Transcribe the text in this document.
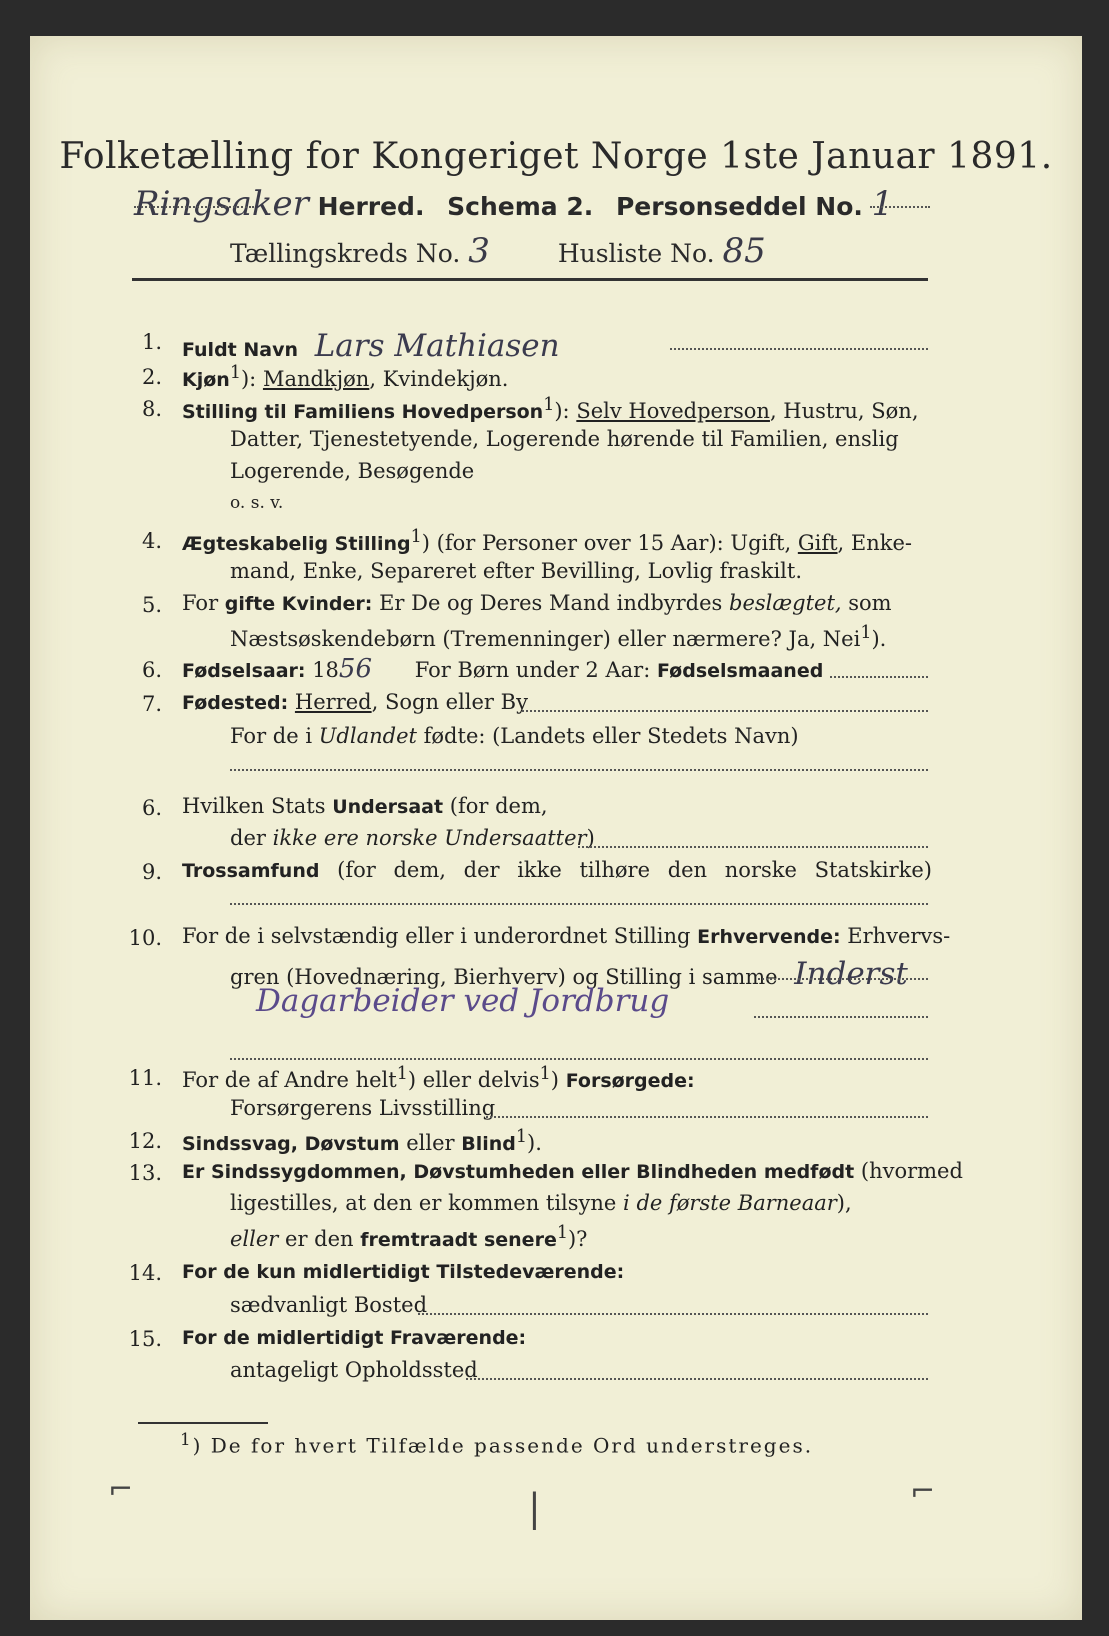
Folketælling for Kongeriget Norge 1ste Januar 1891.
Ringsaker Herred. Schema 2. Personseddel No. 1
Tællingskreds No. 3	Husliste No. 85
1. Fuldt Navn Lars Mathiasen
2. Kjøn$^1$): Mandkjøn, Kvindekjøn.
8. Stilling til Familiens Hovedperson$^1$): Selv Hovedperson, Hustru, Søn,
Datter, Tjenestetyende, Logerende hørende til Familien, enslig
Logerende, Besøgende
o. s. v.
4. Ægteskabelig Stilling$^1$) (for Personer over 15 Aar): Ugift, Gift, Enke-
mand, Enke, Separeret efter Bevilling, Lovlig fraskilt.
5. For gifte Kvinder: Er De og Deres Mand indbyrdes beslægtet, som
Næstsøskendebørn (Tremenninger) eller nærmere? Ja, Nei$^1$).
6. Fødselsaar: 1856 For Børn under 2 Aar: Fødselsmaaned
7. Fødested: Herred, Sogn eller By
For de i Udlandet fødte: (Landets eller Stedets Navn)
6. Hvilken Stats Undersaat (for dem,
der ikke ere norske Undersaatter)
9. Trossamfund (for dem, der ikke tilhøre den norske Statskirke)
10. For de i selvstændig eller i underordnet Stilling Erhvervende: Erhvervs-
gren (Hovednæring, Bierhverv) og Stilling i samme Inderst
Dagarbeider ved Jordbrug
11. For de af Andre helt$^1$) eller delvis$^1$) Forsørgede:
Forsørgerens Livsstilling
12. Sindssvag, Døvstum eller Blind$^1$).
13. Er Sindssygdommen, Døvstumheden eller Blindheden medfødt (hvormed
ligestilles, at den er kommen tilsyne i de første Barneaar),
eller er den fremtraadt senere$^1$)?
14. For de kun midlertidigt Tilstedeværende:
sædvanligt Bosted
15. For de midlertidigt Fraværende:
antageligt Opholdssted
$^1$) De for hvert Tilfælde passende Ord understreges.
⌐	|	⌐
